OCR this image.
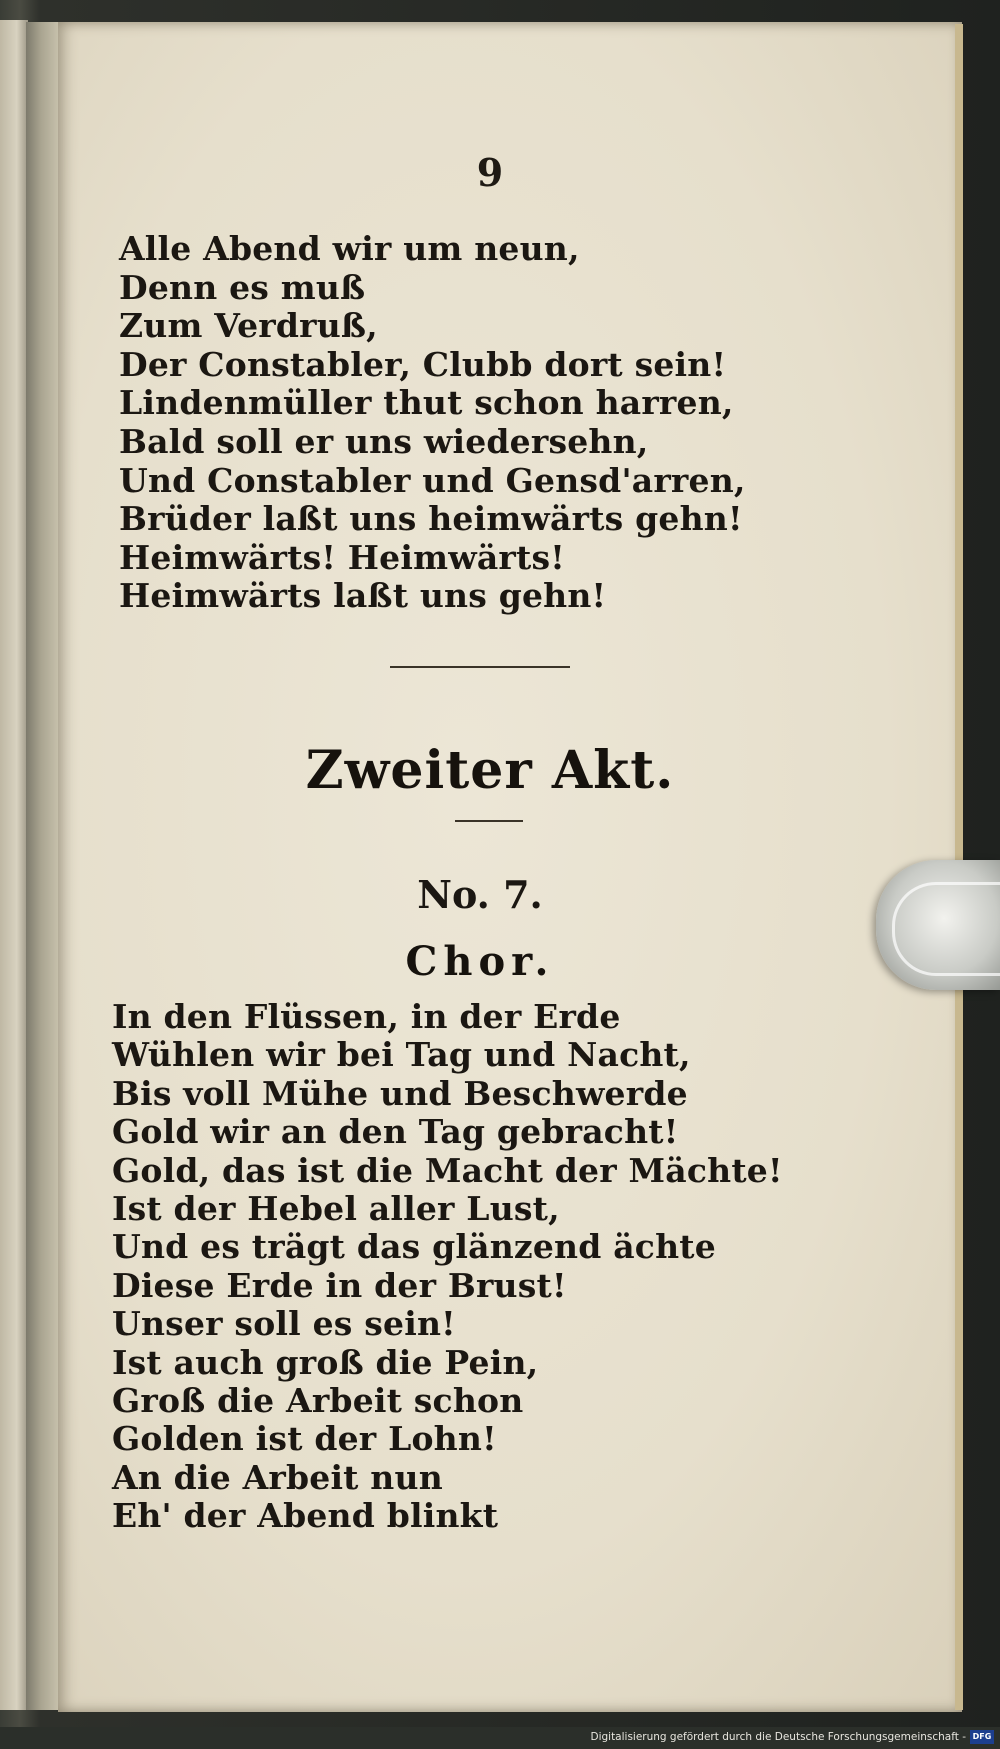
9
Alle Abend wir um neun,
Denn es muß
Zum Verdruß,
Der Constabler, Clubb dort sein!
Lindenmüller thut schon harren,
Bald soll er uns wiedersehn,
Und Constabler und Gensd'arren,
Brüder laßt uns heimwärts gehn!
Heimwärts! Heimwärts!
Heimwärts laßt uns gehn!
Zweiter Akt.
No. 7.
Chor.
In den Flüssen, in der Erde
Wühlen wir bei Tag und Nacht,
Bis voll Mühe und Beschwerde
Gold wir an den Tag gebracht!
Gold, das ist die Macht der Mächte!
Ist der Hebel aller Lust,
Und es trägt das glänzend ächte
Diese Erde in der Brust!
Unser soll es sein!
Ist auch groß die Pein,
Groß die Arbeit schon
Golden ist der Lohn!
An die Arbeit nun
Eh' der Abend blinkt
Digitalisierung gefördert durch die Deutsche Forschungsgemeinschaft - DFG
